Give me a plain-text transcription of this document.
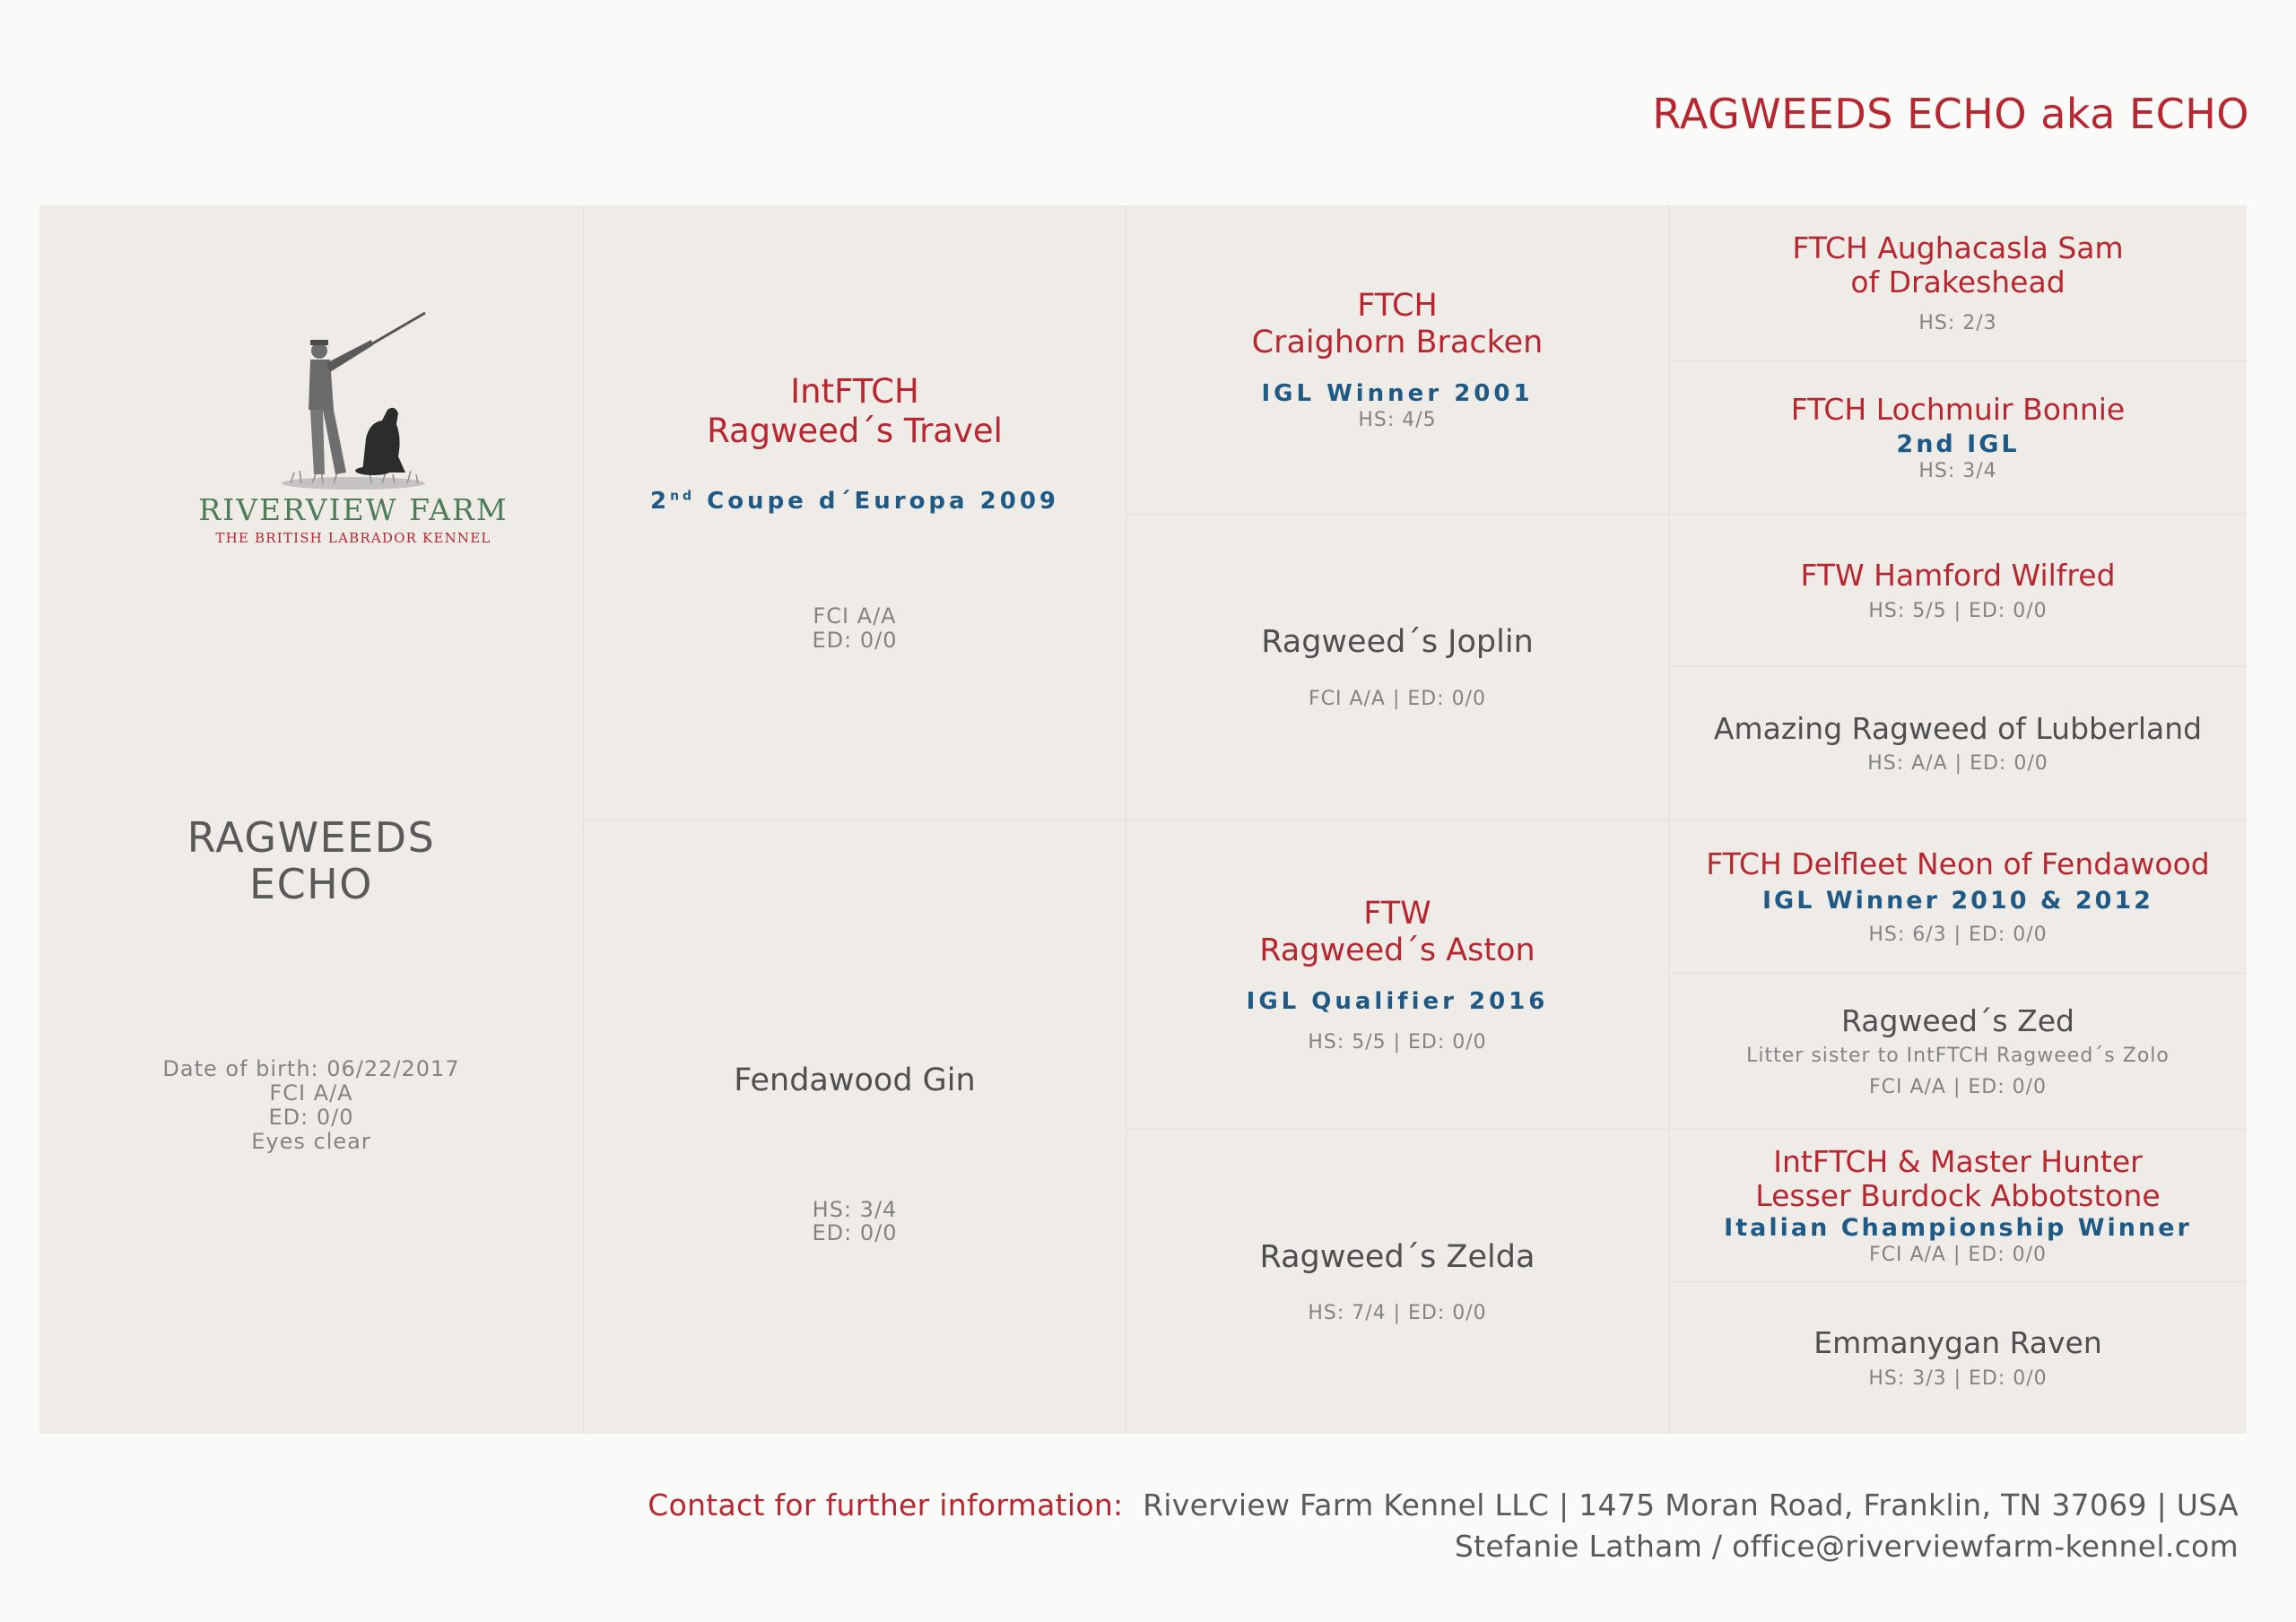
RAGWEEDS ECHO aka ECHO
RIVERVIEW FARM
THE BRITISH LABRADOR KENNEL
RAGWEEDS
ECHO
Date of birth: 06/22/2017
FCI A/A
ED: 0/0
Eyes clear
IntFTCH
Ragweed´s Travel
2nd Coupe d´Europa 2009
FCI A/A
ED: 0/0
Fendawood Gin
HS: 3/4
ED: 0/0
FTCH
Craighorn Bracken
IGL Winner 2001
HS: 4/5
Ragweed´s Joplin
FCI A/A | ED: 0/0
FTW
Ragweed´s Aston
IGL Qualifier 2016
HS: 5/5 | ED: 0/0
Ragweed´s Zelda
HS: 7/4 | ED: 0/0
FTCH Aughacasla Sam
of Drakeshead
HS: 2/3
FTCH Lochmuir Bonnie
2nd IGL
HS: 3/4
FTW Hamford Wilfred
HS: 5/5 | ED: 0/0
Amazing Ragweed of Lubberland
HS: A/A | ED: 0/0
FTCH Delfleet Neon of Fendawood
IGL Winner 2010 & 2012
HS: 6/3 | ED: 0/0
Ragweed´s Zed
Litter sister to IntFTCH Ragweed´s Zolo
FCI A/A | ED: 0/0
IntFTCH & Master Hunter
Lesser Burdock Abbotstone
Italian Championship Winner
FCI A/A | ED: 0/0
Emmanygan Raven
HS: 3/3 | ED: 0/0
Contact for further information: Riverview Farm Kennel LLC | 1475 Moran Road, Franklin, TN 37069 | USA
Stefanie Latham / office@riverviewfarm-kennel.com
